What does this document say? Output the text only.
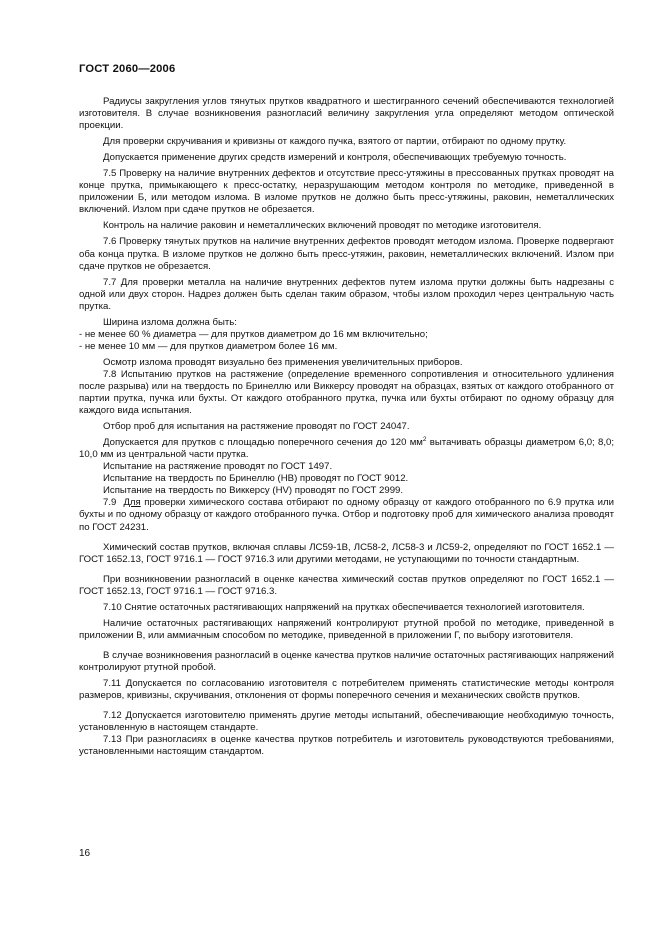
ГОСТ 2060—2006

Радиусы закругления углов тянутых прутков квадратного и шестигранного сечений обеспечиваются технологией изготовителя. В случае возникновения разногласий величину закругления угла определяют методом оптической проекции.

Для проверки скручивания и кривизны от каждого пучка, взятого от партии, отбирают по одному прутку.

Допускается применение других средств измерений и контроля, обеспечивающих требуемую точность.

7.5 Проверку на наличие внутренних дефектов и отсутствие пресс-утяжины в прессованных прутках проводят на конце прутка, примыкающего к пресс-остатку, неразрушающим методом контроля по методике, приведенной в приложении Б, или методом излома. В изломе прутков не должно быть пресс-утяжины, раковин, неметаллических включений. Излом при сдаче прутков не обрезается.

Контроль на наличие раковин и неметаллических включений проводят по методике изготовителя.

7.6 Проверку тянутых прутков на наличие внутренних дефектов проводят методом излома. Проверке подвергают оба конца прутка. В изломе прутков не должно быть пресс-утяжин, раковин, неметаллических включений. Излом при сдаче прутков не обрезается.

7.7 Для проверки металла на наличие внутренних дефектов путем излома прутки должны быть надрезаны с одной или двух сторон. Надрез должен быть сделан таким образом, чтобы излом проходил через центральную часть прутка.

Ширина излома должна быть:

- не менее 60 % диаметра — для прутков диаметром до 16 мм включительно;

- не менее 10 мм — для прутков диаметром более 16 мм.

Осмотр излома проводят визуально без применения увеличительных приборов.

7.8 Испытанию прутков на растяжение (определение временного сопротивления и относительного удлинения после разрыва) или на твердость по Бринеллю или Виккерсу проводят на образцах, взятых от каждого отобранного от партии прутка, пучка или бухты. От каждого отобранного прутка, пучка или бухты отбирают по одному образцу для каждого вида испытания.

Отбор проб для испытания на растяжение проводят по ГОСТ 24047.

Допускается для прутков с площадью поперечного сечения до 120 $мм^2$ вытачивать образцы диаметром 6,0; 8,0; 10,0 мм из центральной части прутка.

Испытание на растяжение проводят по ГОСТ 1497.

Испытание на твердость по Бринеллю (НВ) проводят по ГОСТ 9012.

Испытание на твердость по Виккерсу (HV) проводят по ГОСТ 2999.

7.9 Для проверки химического состава отбирают по одному образцу от каждого отобранного по 6.9 прутка или бухты и по одному образцу от каждого отобранного пучка. Отбор и подготовку проб для химического анализа проводят по ГОСТ 24231.

Химический состав прутков, включая сплавы ЛС59-1В, ЛС58-2, ЛС58-3 и ЛС59-2, определяют по ГОСТ 1652.1 — ГОСТ 1652.13, ГОСТ 9716.1 — ГОСТ 9716.3 или другими методами, не уступающими по точности стандартным.

При возникновении разногласий в оценке качества химический состав прутков определяют по ГОСТ 1652.1 — ГОСТ 1652.13, ГОСТ 9716.1 — ГОСТ 9716.3.

7.10 Снятие остаточных растягивающих напряжений на прутках обеспечивается технологией изготовителя.

Наличие остаточных растягивающих напряжений контролируют ртутной пробой по методике, приведенной в приложении В, или аммиачным способом по методике, приведенной в приложении Г, по выбору изготовителя.

В случае возникновения разногласий в оценке качества прутков наличие остаточных растягивающих напряжений контролируют ртутной пробой.

7.11 Допускается по согласованию изготовителя с потребителем применять статистические методы контроля размеров, кривизны, скручивания, отклонения от формы поперечного сечения и механических свойств прутков.

7.12 Допускается изготовителю применять другие методы испытаний, обеспечивающие необходимую точность, установленную в настоящем стандарте.

7.13 При разногласиях в оценке качества прутков потребитель и изготовитель руководствуются требованиями, установленными настоящим стандартом.

16
